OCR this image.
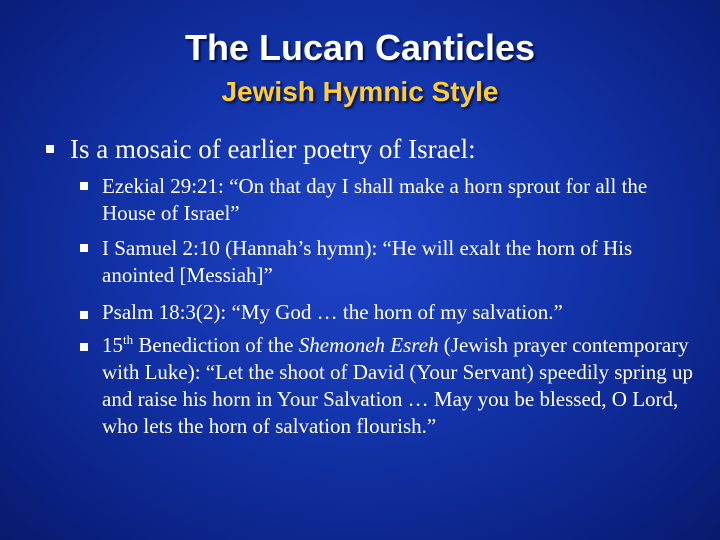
The Lucan Canticles
Jewish Hymnic Style
Is a mosaic of earlier poetry of Israel:
Ezekial 29:21: “On that day I shall make a horn sprout for all the House of Israel”
I Samuel 2:10 (Hannah’s hymn): “He will exalt the horn of His anointed [Messiah]”
Psalm 18:3(2): “My God … the horn of my salvation.”
15th Benediction of the Shemoneh Esreh (Jewish prayer contemporary with Luke): “Let the shoot of David (Your Servant) speedily spring up and raise his horn in Your Salvation … May you be blessed, O Lord, who lets the horn of salvation flourish.”
